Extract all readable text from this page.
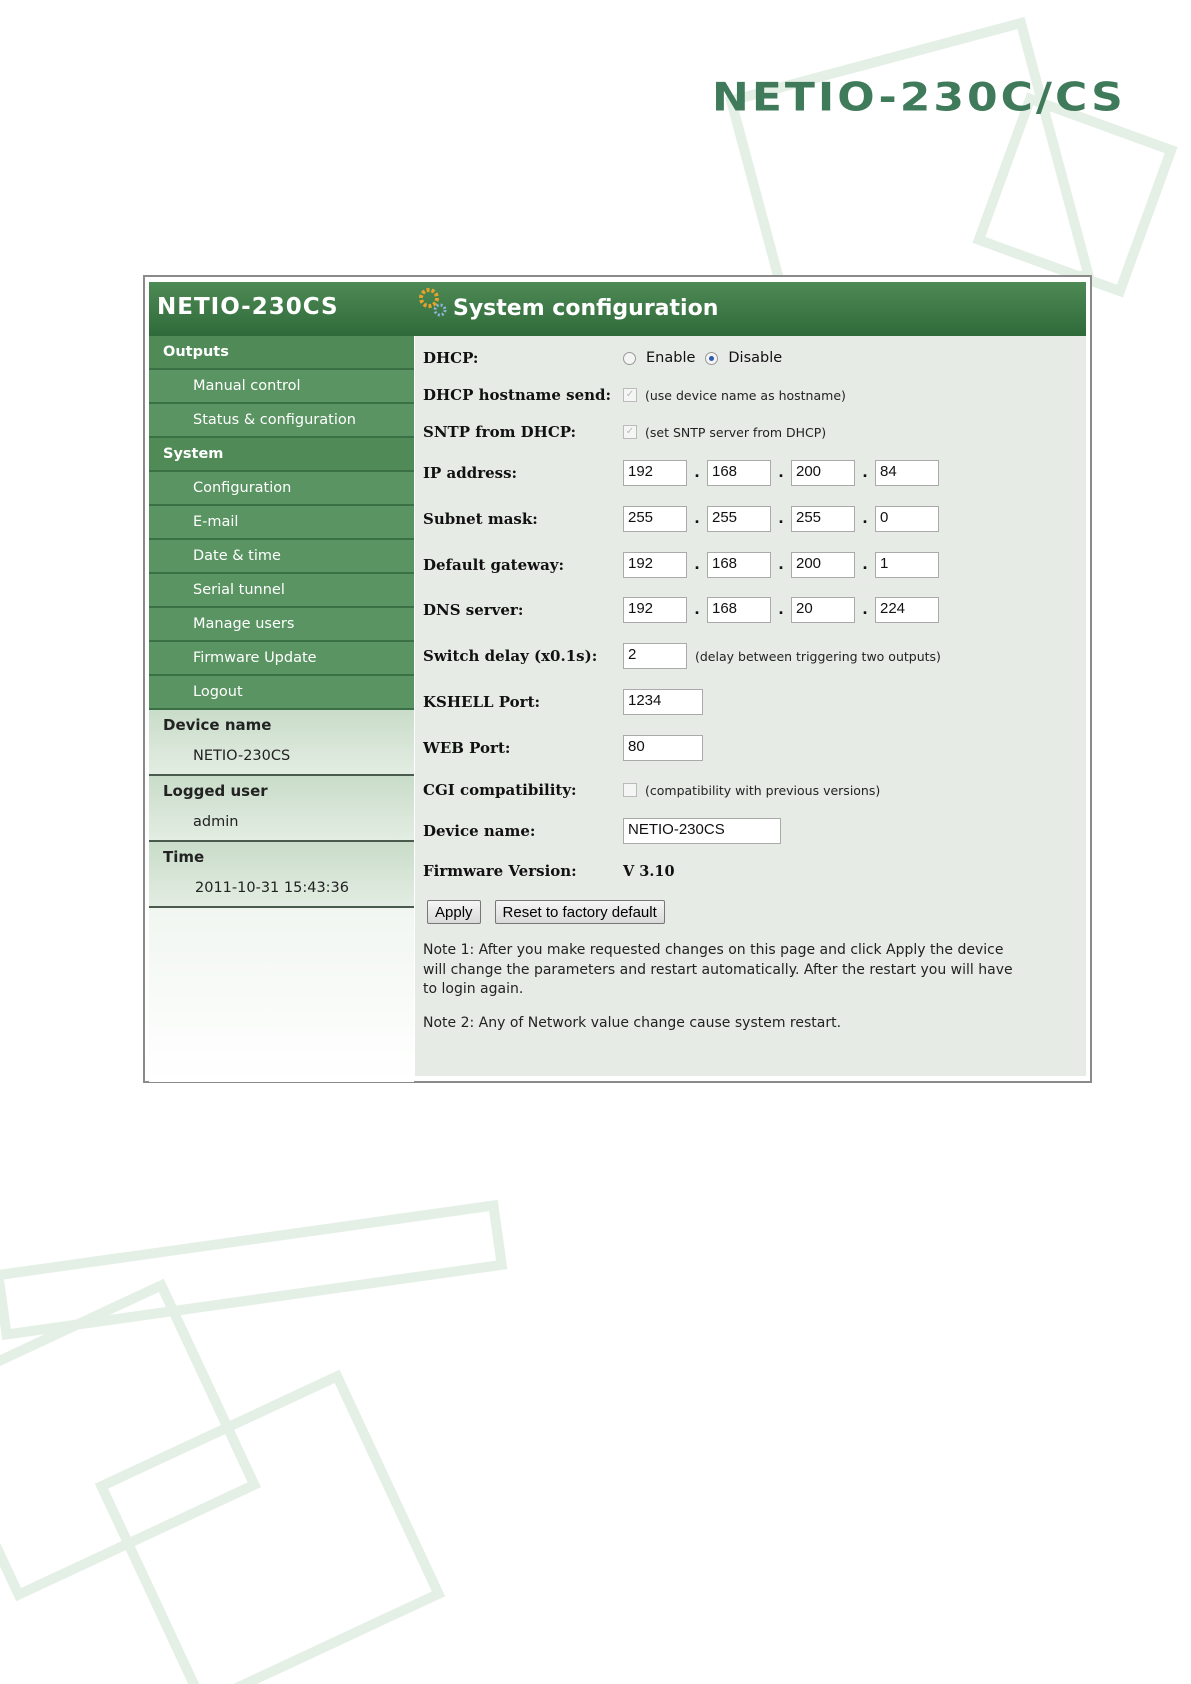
NETIO-230C/CS
NETIO-230CS	System configuration
Outputs
Manual control
Status & configuration
System
Configuration
E-mail
Date & time
Serial tunnel
Manage users
Firmware Update
Logout
Device name
NETIO-230CS
Logged user
admin
Time
2011-10-31 15:43:36
DHCP:	Enable Disable
DHCP hostname send: ✓ (use device name as hostname)
SNTP from DHCP:	✓ (set SNTP server from DHCP)
IP address:	192	. 168	. 200	. 84
Subnet mask:	255	. 255	. 255	. 0
Default gateway:	192	. 168	. 200	. 1
DNS server:	192	. 168	. 20	. 224
Switch delay (x0.1s):	2	(delay between triggering two outputs)
KSHELL Port:	1234
WEB Port:	80
CGI compatibility:	(compatibility with previous versions)
Device name:	NETIO-230CS
Firmware Version:	V 3.10
Apply	Reset to factory default
Note 1: After you make requested changes on this page and click Apply the device will change the parameters and restart automatically. After the restart you will have to login again.
Note 2: Any of Network value change cause system restart.
